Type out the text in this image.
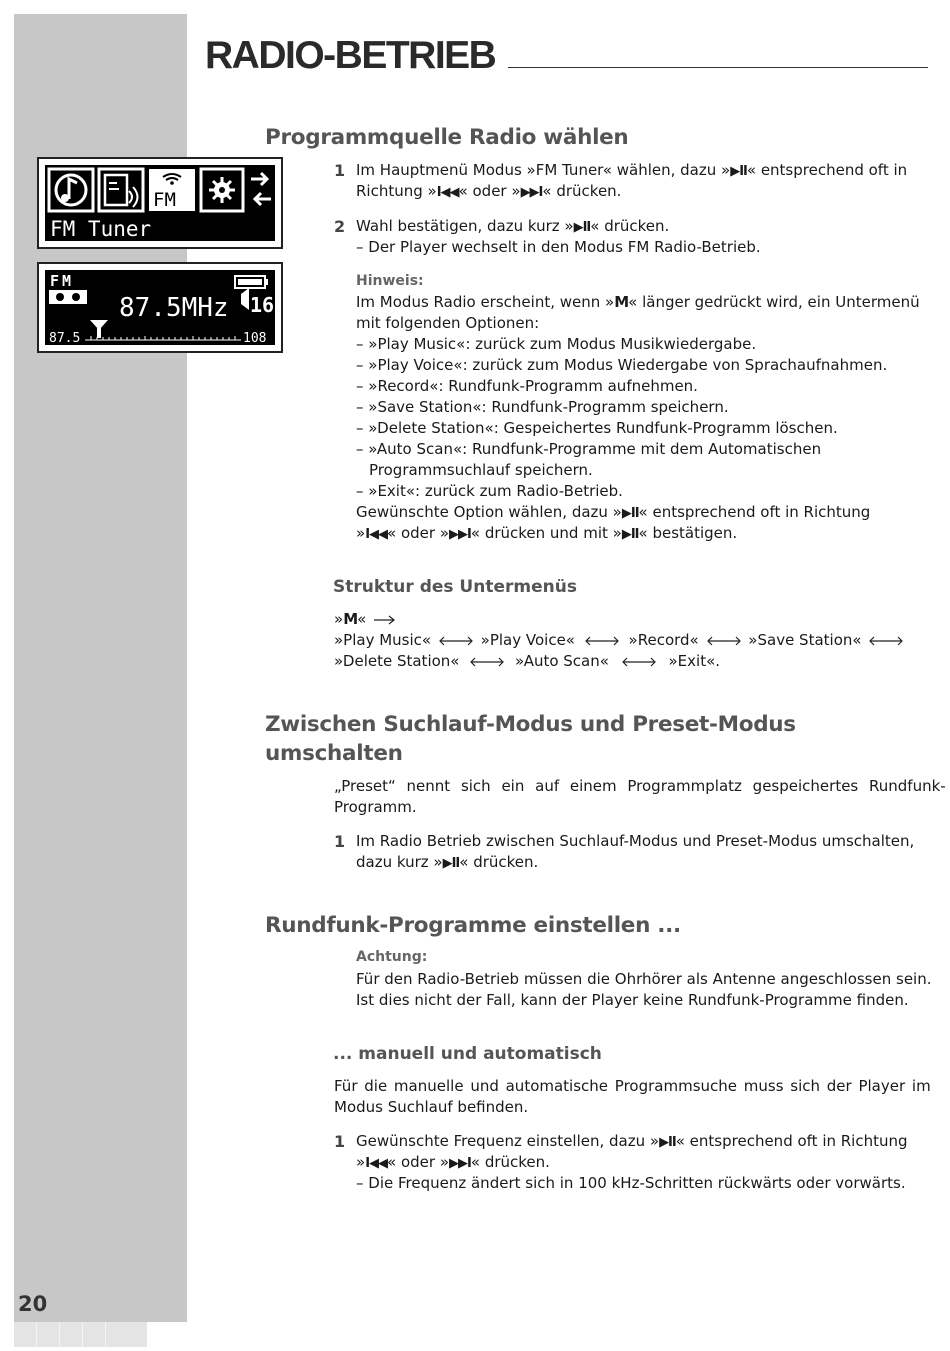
20
RADIO-BETRIEB
FM
FM Tuner
FM
87.5MHz 16
87.5	108
Programmquelle Radio wählen
1 Im Hauptmenü Modus »FM Tuner« wählen, dazu »▶II« entsprechend oft in
Richtung »I◀◀« oder »▶▶I« drücken.
2 Wahl bestätigen, dazu kurz »▶II« drücken.
– Der Player wechselt in den Modus FM Radio-Betrieb.
Hinweis:
Im Modus Radio erscheint, wenn »M« länger gedrückt wird, ein Untermenü
mit folgenden Optionen:
– »Play Music«: zurück zum Modus Musikwiedergabe.
– »Play Voice«: zurück zum Modus Wiedergabe von Sprachaufnahmen.
– »Record«: Rundfunk-Programm aufnehmen.
– »Save Station«: Rundfunk-Programm speichern.
– »Delete Station«: Gespeichertes Rundfunk-Programm löschen.
– »Auto Scan«: Rundfunk-Programme mit dem Automatischen
Programmsuchlauf speichern.
– »Exit«: zurück zum Radio-Betrieb.
Gewünschte Option wählen, dazu »▶II« entsprechend oft in Richtung
»I◀◀« oder »▶▶I« drücken und mit »▶II« bestätigen.
Struktur des Untermenüs
»M«
»Play Music«	»Play Voice«	»Record«	»Save Station«
»Delete Station«	»Auto Scan«	»Exit«.
Zwischen Suchlauf-Modus und Preset-Modus
umschalten
„Preset“ nennt sich ein auf einem Programmplatz gespeichertes Rundfunk-
Programm.
1 Im Radio Betrieb zwischen Suchlauf-Modus und Preset-Modus umschalten,
dazu kurz »▶II« drücken.
Rundfunk-Programme einstellen ...
Achtung:
Für den Radio-Betrieb müssen die Ohrhörer als Antenne angeschlossen sein.
Ist dies nicht der Fall, kann der Player keine Rundfunk-Programme finden.
... manuell und automatisch
Für die manuelle und automatische Programmsuche muss sich der Player im
Modus Suchlauf befinden.
1 Gewünschte Frequenz einstellen, dazu »▶II« entsprechend oft in Richtung
»I◀◀« oder »▶▶I« drücken.
– Die Frequenz ändert sich in 100 kHz-Schritten rückwärts oder vorwärts.
